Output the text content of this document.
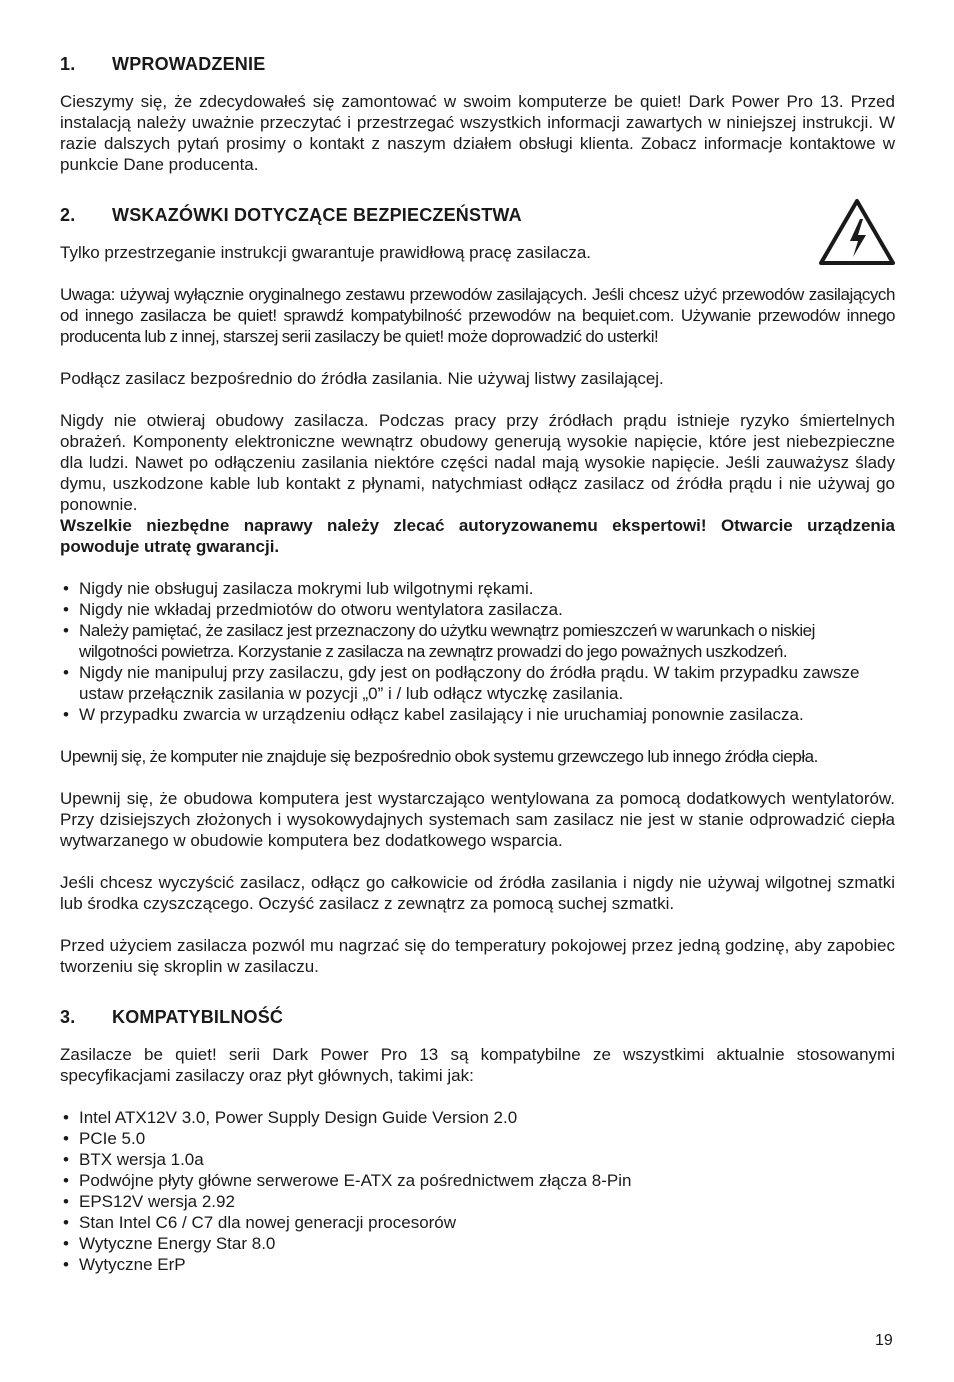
1. WPROWADZENIE

Cieszymy się, że zdecydowałeś się zamontować w swoim komputerze be quiet! Dark Power Pro 13. Przed instalacją należy uważnie przeczytać i przestrzegać wszystkich informacji zawartych w niniejszej instrukcji. W razie dalszych pytań prosimy o kontakt z naszym działem obsługi klienta. Zobacz informacje kontaktowe w punkcie Dane producenta.

2. WSKAZÓWKI DOTYCZĄCE BEZPIECZEŃSTWA

Tylko przestrzeganie instrukcji gwarantuje prawidłową pracę zasilacza.

Uwaga: używaj wyłącznie oryginalnego zestawu przewodów zasilających. Jeśli chcesz użyć przewodów zasilających od innego zasilacza be quiet! sprawdź kompatybilność przewodów na bequiet.com. Używanie przewodów innego producenta lub z innej, starszej serii zasilaczy be quiet! może doprowadzić do usterki!

Podłącz zasilacz bezpośrednio do źródła zasilania. Nie używaj listwy zasilającej.

Nigdy nie otwieraj obudowy zasilacza. Podczas pracy przy źródłach prądu istnieje ryzyko śmiertelnych obrażeń. Komponenty elektroniczne wewnątrz obudowy generują wysokie napięcie, które jest niebezpieczne dla ludzi. Nawet po odłączeniu zasilania niektóre części nadal mają wysokie napięcie. Jeśli zauważysz ślady dymu, uszkodzone kable lub kontakt z płynami, natychmiast odłącz zasilacz od źródła prądu i nie używaj go ponownie.

Wszelkie niezbędne naprawy należy zlecać autoryzowanemu ekspertowi! Otwarcie urządzenia powoduje utratę gwarancji.

• Nigdy nie obsługuj zasilacza mokrymi lub wilgotnymi rękami.
• Nigdy nie wkładaj przedmiotów do otworu wentylatora zasilacza.
• Należy pamiętać, że zasilacz jest przeznaczony do użytku wewnątrz pomieszczeń w warunkach o niskiej wilgotności powietrza. Korzystanie z zasilacza na zewnątrz prowadzi do jego poważnych uszkodzeń.
• Nigdy nie manipuluj przy zasilaczu, gdy jest on podłączony do źródła prądu. W takim przypadku zawsze ustaw przełącznik zasilania w pozycji „0” i / lub odłącz wtyczkę zasilania.
• W przypadku zwarcia w urządzeniu odłącz kabel zasilający i nie uruchamiaj ponownie zasilacza.

Upewnij się, że komputer nie znajduje się bezpośrednio obok systemu grzewczego lub innego źródła ciepła.

Upewnij się, że obudowa komputera jest wystarczająco wentylowana za pomocą dodatkowych wentylatorów. Przy dzisiejszych złożonych i wysokowydajnych systemach sam zasilacz nie jest w stanie odprowadzić ciepła wytwarzanego w obudowie komputera bez dodatkowego wsparcia.

Jeśli chcesz wyczyścić zasilacz, odłącz go całkowicie od źródła zasilania i nigdy nie używaj wilgotnej szmatki lub środka czyszczącego. Oczyść zasilacz z zewnątrz za pomocą suchej szmatki.

Przed użyciem zasilacza pozwól mu nagrzać się do temperatury pokojowej przez jedną godzinę, aby zapobiec tworzeniu się skroplin w zasilaczu.

3. KOMPATYBILNOŚĆ

Zasilacze be quiet! serii Dark Power Pro 13 są kompatybilne ze wszystkimi aktualnie stosowanymi specyfikacjami zasilaczy oraz płyt głównych, takimi jak:

• Intel ATX12V 3.0, Power Supply Design Guide Version 2.0
• PCIe 5.0
• BTX wersja 1.0a
• Podwójne płyty główne serwerowe E-ATX za pośrednictwem złącza 8-Pin
• EPS12V wersja 2.92
• Stan Intel C6 / C7 dla nowej generacji procesorów
• Wytyczne Energy Star 8.0
• Wytyczne ErP
19
